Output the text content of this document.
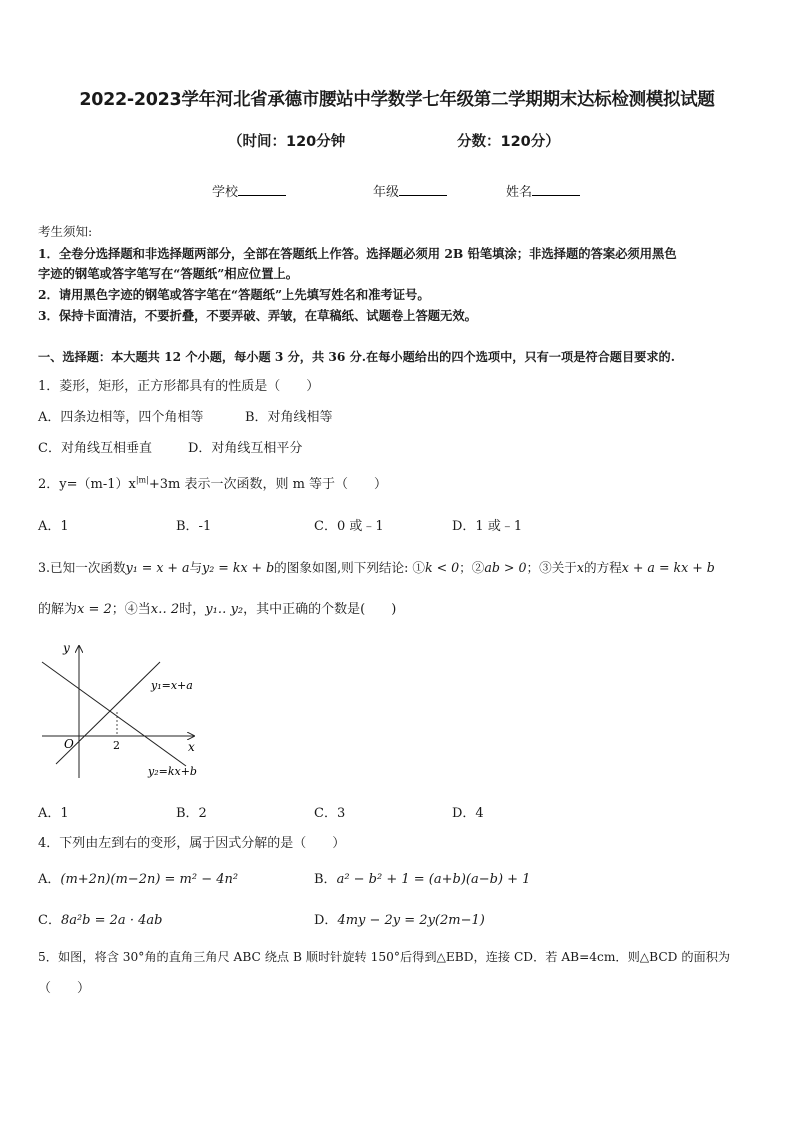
2022-2023学年河北省承德市腰站中学数学七年级第二学期期末达标检测模拟试题
（时间：120分钟	分数：120分）
学校	年级	姓名
考生须知:
1．全卷分选择题和非选择题两部分，全部在答题纸上作答。选择题必须用 2B 铅笔填涂；非选择题的答案必须用黑色
字迹的钢笔或答字笔写在“答题纸”相应位置上。
2．请用黑色字迹的钢笔或答字笔在“答题纸”上先填写姓名和准考证号。
3．保持卡面清洁，不要折叠，不要弄破、弄皱，在草稿纸、试题卷上答题无效。
一、选择题：本大题共 12 个小题，每小题 3 分，共 36 分.在每小题给出的四个选项中，只有一项是符合题目要求的.
1．菱形，矩形，正方形都具有的性质是（　　）
A．四条边相等，四个角相等	B．对角线相等
C．对角线互相垂直	D．对角线互相平分
2．$y=(m-1)x^{|m|}+3m$ 表示一次函数，则 m 等于（　　）
A．1	B．-1	C．0 或﹣1	D．1 或﹣1
3.已知一次函数y₁ = x + a与y₂ = kx + b的图象如图,则下列结论: ①k < 0；②ab > 0；③关于x的方程x + a = kx + b
的解为x = 2；④当x‥ 2时，y₁‥ y₂，其中正确的个数是(　　)
y
x
O	2
y₁=x+a
y₂=kx+b
A．1	B．2	C．3	D．4
4．下列由左到右的变形，属于因式分解的是（　　）
A．(m+2n)(m−2n) = m² − 4n²	B．a² − b² + 1 = (a+b)(a−b) + 1
C．8a²b = 2a · 4ab	D．4my − 2y = 2y(2m−1)
5．如图，将含 30°角的直角三角尺 ABC 绕点 B 顺时针旋转 150°后得到△EBD，连接 CD．若 AB=4cm．则△BCD 的面积为
（　　）
